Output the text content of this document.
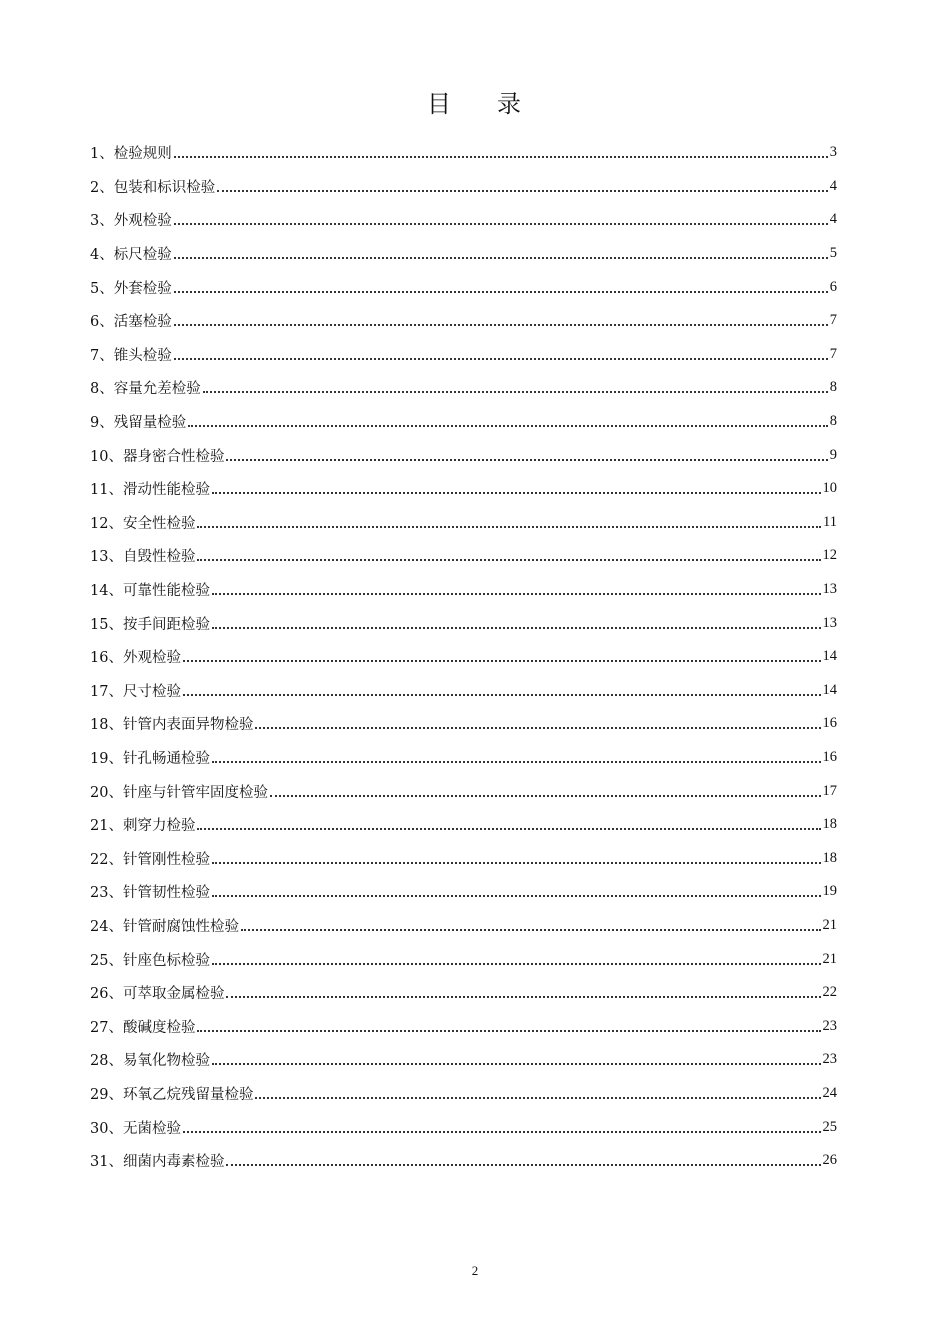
目 录
1、检验规则	3
2、包装和标识检验	4
3、外观检验	4
4、标尺检验	5
5、外套检验	6
6、活塞检验	7
7、锥头检验	7
8、容量允差检验	8
9、残留量检验	8
10、器身密合性检验	9
11、滑动性能检验	10
12、安全性检验	11
13、自毁性检验	12
14、可靠性能检验	13
15、按手间距检验	13
16、外观检验	14
17、尺寸检验	14
18、针管内表面异物检验	16
19、针孔畅通检验	16
20、针座与针管牢固度检验	17
21、刺穿力检验	18
22、针管刚性检验	18
23、针管韧性检验	19
24、针管耐腐蚀性检验	21
25、针座色标检验	21
26、可萃取金属检验	22
27、酸碱度检验	23
28、易氧化物检验	23
29、环氧乙烷残留量检验	24
30、无菌检验	25
31、细菌内毒素检验	26
2
